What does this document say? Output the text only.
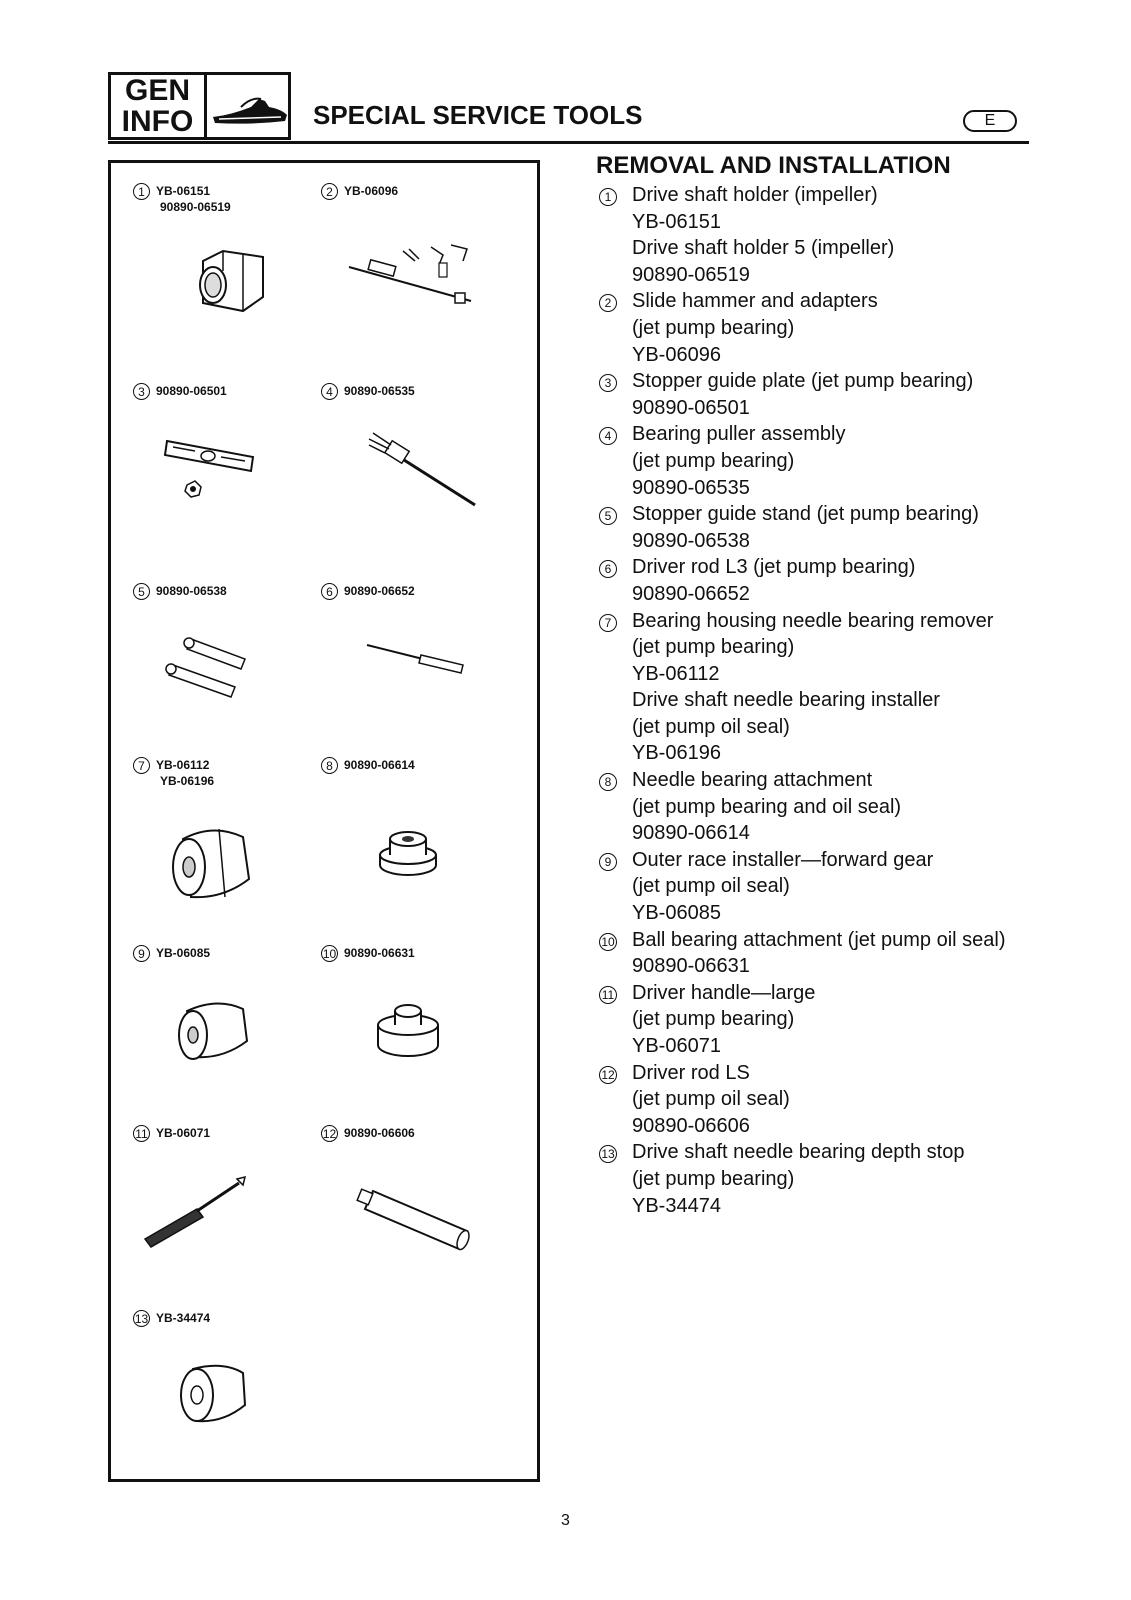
GEN
INFO	SPECIAL SERVICE TOOLS	E
1 YB-06151
90890-06519
2 YB-06096
3 90890-06501	4 90890-06535
5 90890-06538	6 90890-06652
7 YB-06112
YB-06196
8 90890-06614
9 YB-06085	10 90890-06631
11 YB-06071	12 90890-06606
13 YB-34474
REMOVAL AND INSTALLATION
1 Drive shaft holder (impeller)
YB-06151
Drive shaft holder 5 (impeller)
90890-06519
2 Slide hammer and adapters
(jet pump bearing)
YB-06096
3 Stopper guide plate (jet pump bearing)
90890-06501
4 Bearing puller assembly
(jet pump bearing)
90890-06535
5 Stopper guide stand (jet pump bearing)
90890-06538
6 Driver rod L3 (jet pump bearing)
90890-06652
7 Bearing housing needle bearing remover
(jet pump bearing)
YB-06112
Drive shaft needle bearing installer
(jet pump oil seal)
YB-06196
8 Needle bearing attachment
(jet pump bearing and oil seal)
90890-06614
9 Outer race installer—forward gear
(jet pump oil seal)
YB-06085
10 Ball bearing attachment (jet pump oil seal)
90890-06631
11 Driver handle—large
(jet pump bearing)
YB-06071
12 Driver rod LS
(jet pump oil seal)
90890-06606
13 Drive shaft needle bearing depth stop
(jet pump bearing)
YB-34474
3
